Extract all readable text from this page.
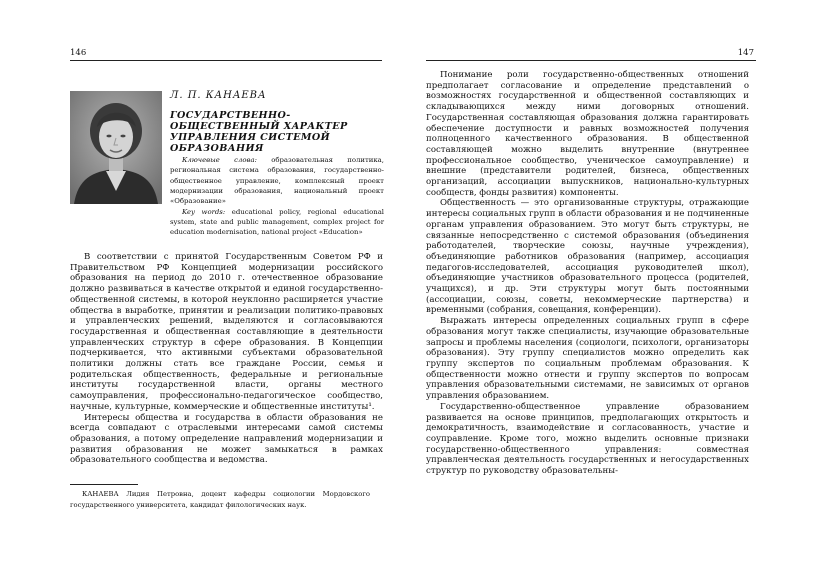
146
Л. П. КАНАЕВА
ГОСУДАРСТВЕННО-ОБЩЕСТВЕННЫЙ ХАРАКТЕР УПРАВЛЕНИЯ СИСТЕМОЙ ОБРАЗОВАНИЯ

Ключевые слова: образовательная политика, региональная система образования, государственно-общественное управление, комплексный проект модернизации образования, национальный проект «Образование»

Key words: educational policy, regional educational system, state and public management, complex project for education modernisation, national project «Education»

В соответствии с принятой Государственным Советом РФ и Правительством РФ Концепцией модернизации российского образования на период до 2010 г. отечественное образование должно развиваться в качестве открытой и единой государственно-общественной системы, в которой неуклонно расширяется участие общества в выработке, принятии и реализации политико-правовых и управленческих решений, выделяются и согласовываются государственная и общественная составляющие в деятельности управленческих структур в сфере образования. В Концепции подчеркивается, что активными субъектами образовательной политики должны стать все граждане России, семья и родительская общественность, федеральные и региональные институты государственной власти, органы местного самоуправления, профессионально-педагогическое сообщество, научные, культурные, коммерческие и общественные институты¹.

Интересы общества и государства в области образования не всегда совпадают с отраслевыми интересами самой системы образования, а потому определение направлений модернизации и развития образования не может замыкаться в рамках образовательного сообщества и ведомства.

КАНАЕВА Лидия Петровна, доцент кафедры социологии Мордовского государственного университета, кандидат филологических наук.
147

Понимание роли государственно-общественных отношений предполагает согласование и определение представлений о возможностях государственной и общественной составляющих и складывающихся между ними договорных отношений. Государственная составляющая образования должна гарантировать обеспечение доступности и равных возможностей получения полноценного качественного образования. В общественной составляющей можно выделить внутренние (внутреннее профессиональное сообщество, ученическое самоуправление) и внешние (представители родителей, бизнеса, общественных организаций, ассоциации выпускников, национально-культурных сообществ, фонды развития) компоненты.

Общественность — это организованные структуры, отражающие интересы социальных групп в области образования и не подчиненные органам управления образованием. Это могут быть структуры, не связанные непосредственно с системой образования (объединения работодателей, творческие союзы, научные учреждения), объединяющие работников образования (например, ассоциация педагогов-исследователей, ассоциация руководителей школ), объединяющие участников образовательного процесса (родителей, учащихся), и др. Эти структуры могут быть постоянными (ассоциации, союзы, советы, некоммерческие партнерства) и временными (собрания, совещания, конференции).

Выражать интересы определенных социальных групп в сфере образования могут также специалисты, изучающие образовательные запросы и проблемы населения (социологи, психологи, организаторы образования). Эту группу специалистов можно определить как группу экспертов по социальным проблемам образования. К общественности можно отнести и группу экспертов по вопросам управления образовательными системами, не зависимых от органов управления образованием.

Государственно-общественное управление образованием развивается на основе принципов, предполагающих открытость и демократичность, взаимодействие и согласованность, участие и соуправление. Кроме того, можно выделить основные признаки государственно-общественного управления: совместная управленческая деятельность государственных и негосударственных структур по руководству образовательны-
